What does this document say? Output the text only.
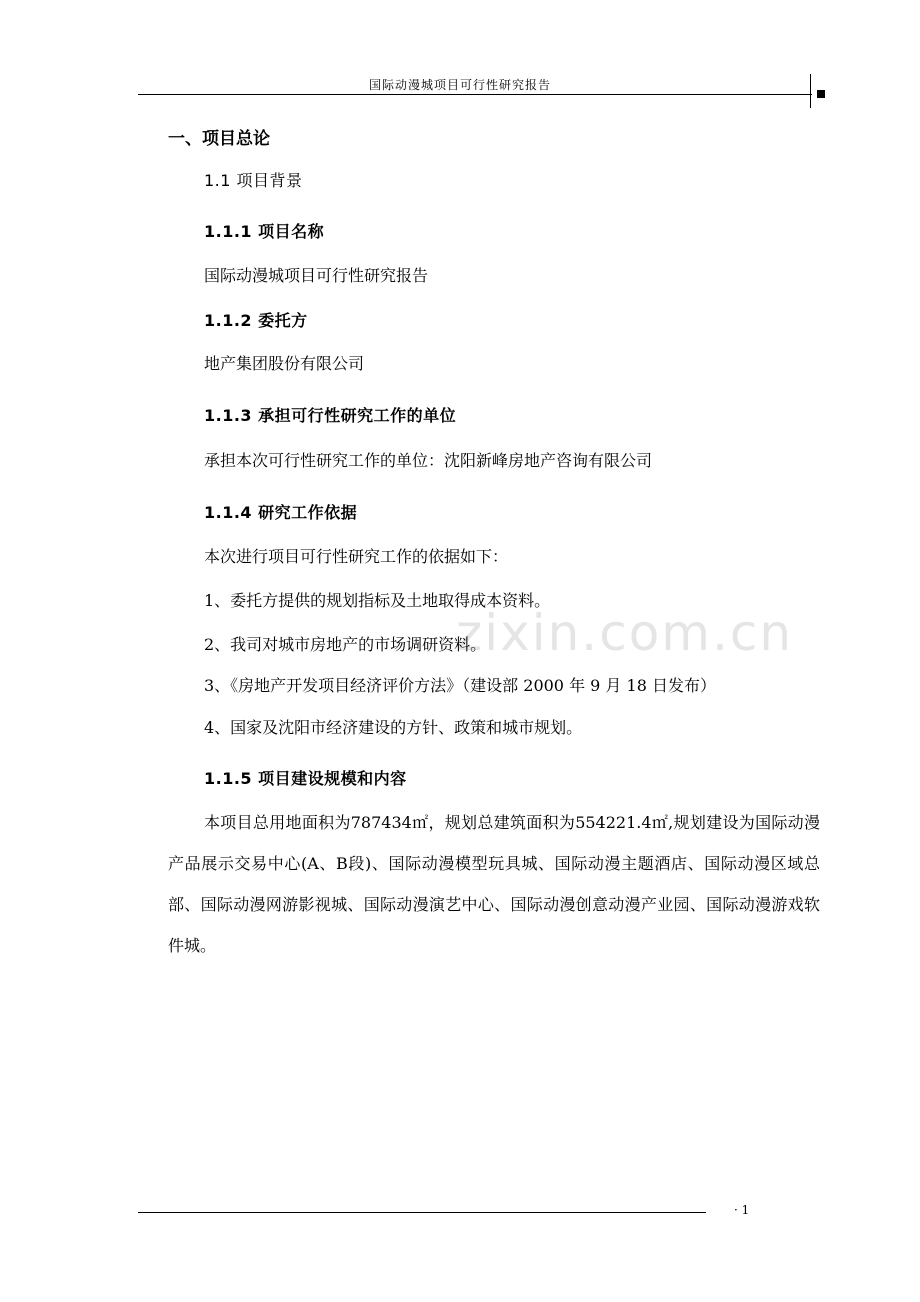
国际动漫城项目可行性研究报告
zixin.com.cn
一、项目总论
1.1 项目背景
1.1.1 项目名称
国际动漫城项目可行性研究报告
1.1.2 委托方
地产集团股份有限公司
1.1.3 承担可行性研究工作的单位
承担本次可行性研究工作的单位：沈阳新峰房地产咨询有限公司
1.1.4 研究工作依据
本次进行项目可行性研究工作的依据如下：
1、委托方提供的规划指标及土地取得成本资料。
2、我司对城市房地产的市场调研资料。
3、《房地产开发项目经济评价方法》（建设部 2000 年 9 月 18 日发布）
4、国家及沈阳市经济建设的方针、政策和城市规划。
1.1.5 项目建设规模和内容
本项目总用地面积为787434㎡，规划总建筑面积为554221.4㎡,规划建设为国际动漫产品展示交易中心(A、B段)、国际动漫模型玩具城、国际动漫主题酒店、国际动漫区域总部、国际动漫网游影视城、国际动漫演艺中心、国际动漫创意动漫产业园、国际动漫游戏软件城。
· 1
